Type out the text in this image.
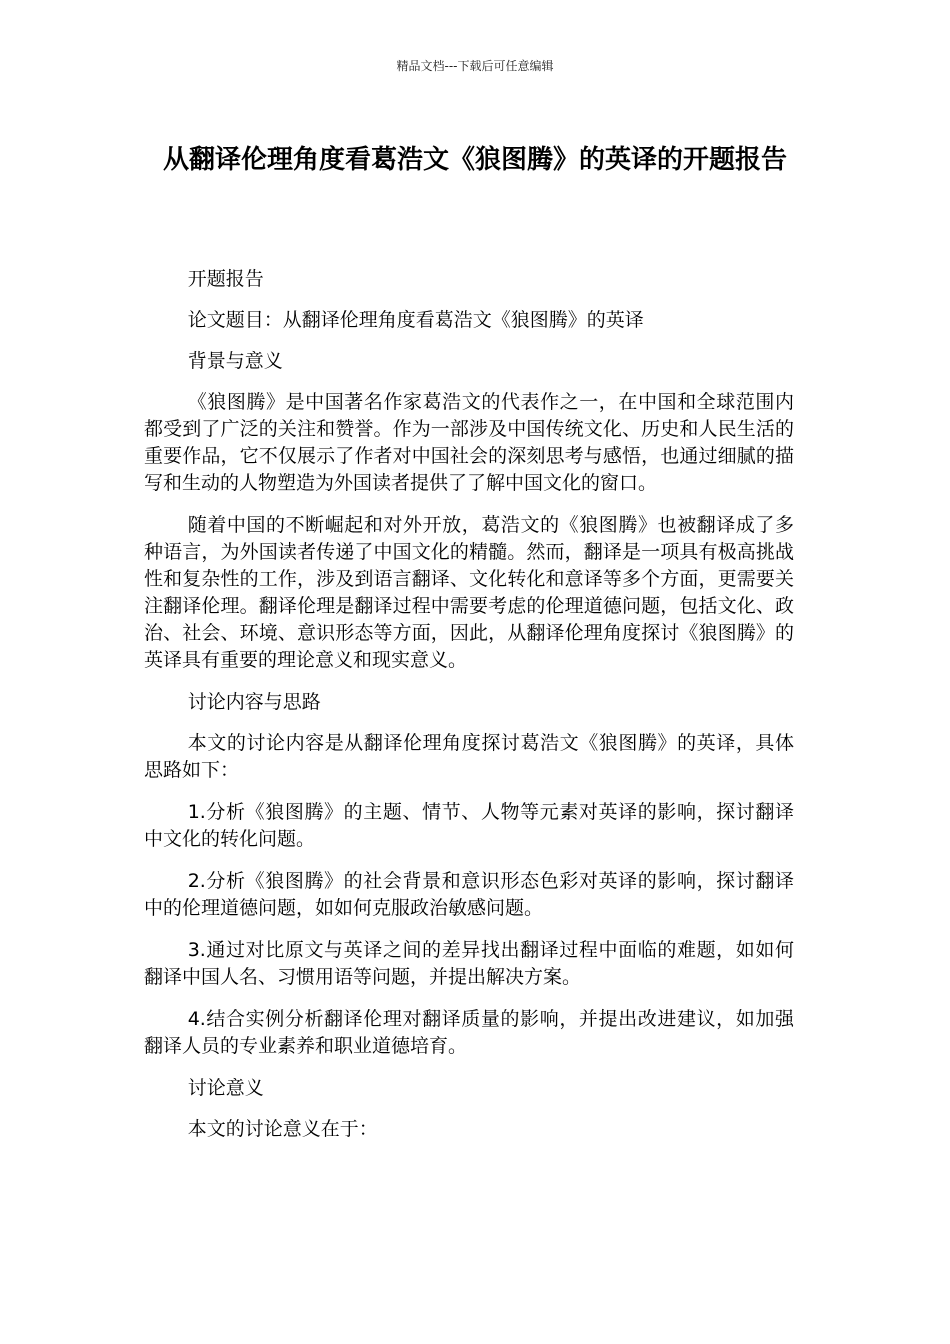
精品文档---下载后可任意编辑
从翻译伦理角度看葛浩文《狼图腾》的英译的开题报告

开题报告

论文题目：从翻译伦理角度看葛浩文《狼图腾》的英译

背景与意义

《狼图腾》是中国著名作家葛浩文的代表作之一，在中国和全球范围内都受到了广泛的关注和赞誉。作为一部涉及中国传统文化、历史和人民生活的重要作品，它不仅展示了作者对中国社会的深刻思考与感悟，也通过细腻的描写和生动的人物塑造为外国读者提供了了解中国文化的窗口。

随着中国的不断崛起和对外开放，葛浩文的《狼图腾》也被翻译成了多种语言，为外国读者传递了中国文化的精髓。然而，翻译是一项具有极高挑战性和复杂性的工作，涉及到语言翻译、文化转化和意译等多个方面，更需要关注翻译伦理。翻译伦理是翻译过程中需要考虑的伦理道德问题，包括文化、政治、社会、环境、意识形态等方面，因此，从翻译伦理角度探讨《狼图腾》的英译具有重要的理论意义和现实意义。

讨论内容与思路

本文的讨论内容是从翻译伦理角度探讨葛浩文《狼图腾》的英译，具体思路如下：

1.分析《狼图腾》的主题、情节、人物等元素对英译的影响，探讨翻译中文化的转化问题。

2.分析《狼图腾》的社会背景和意识形态色彩对英译的影响，探讨翻译中的伦理道德问题，如如何克服政治敏感问题。

3.通过对比原文与英译之间的差异找出翻译过程中面临的难题，如如何翻译中国人名、习惯用语等问题，并提出解决方案。

4.结合实例分析翻译伦理对翻译质量的影响，并提出改进建议，如加强翻译人员的专业素养和职业道德培育。

讨论意义

本文的讨论意义在于：
